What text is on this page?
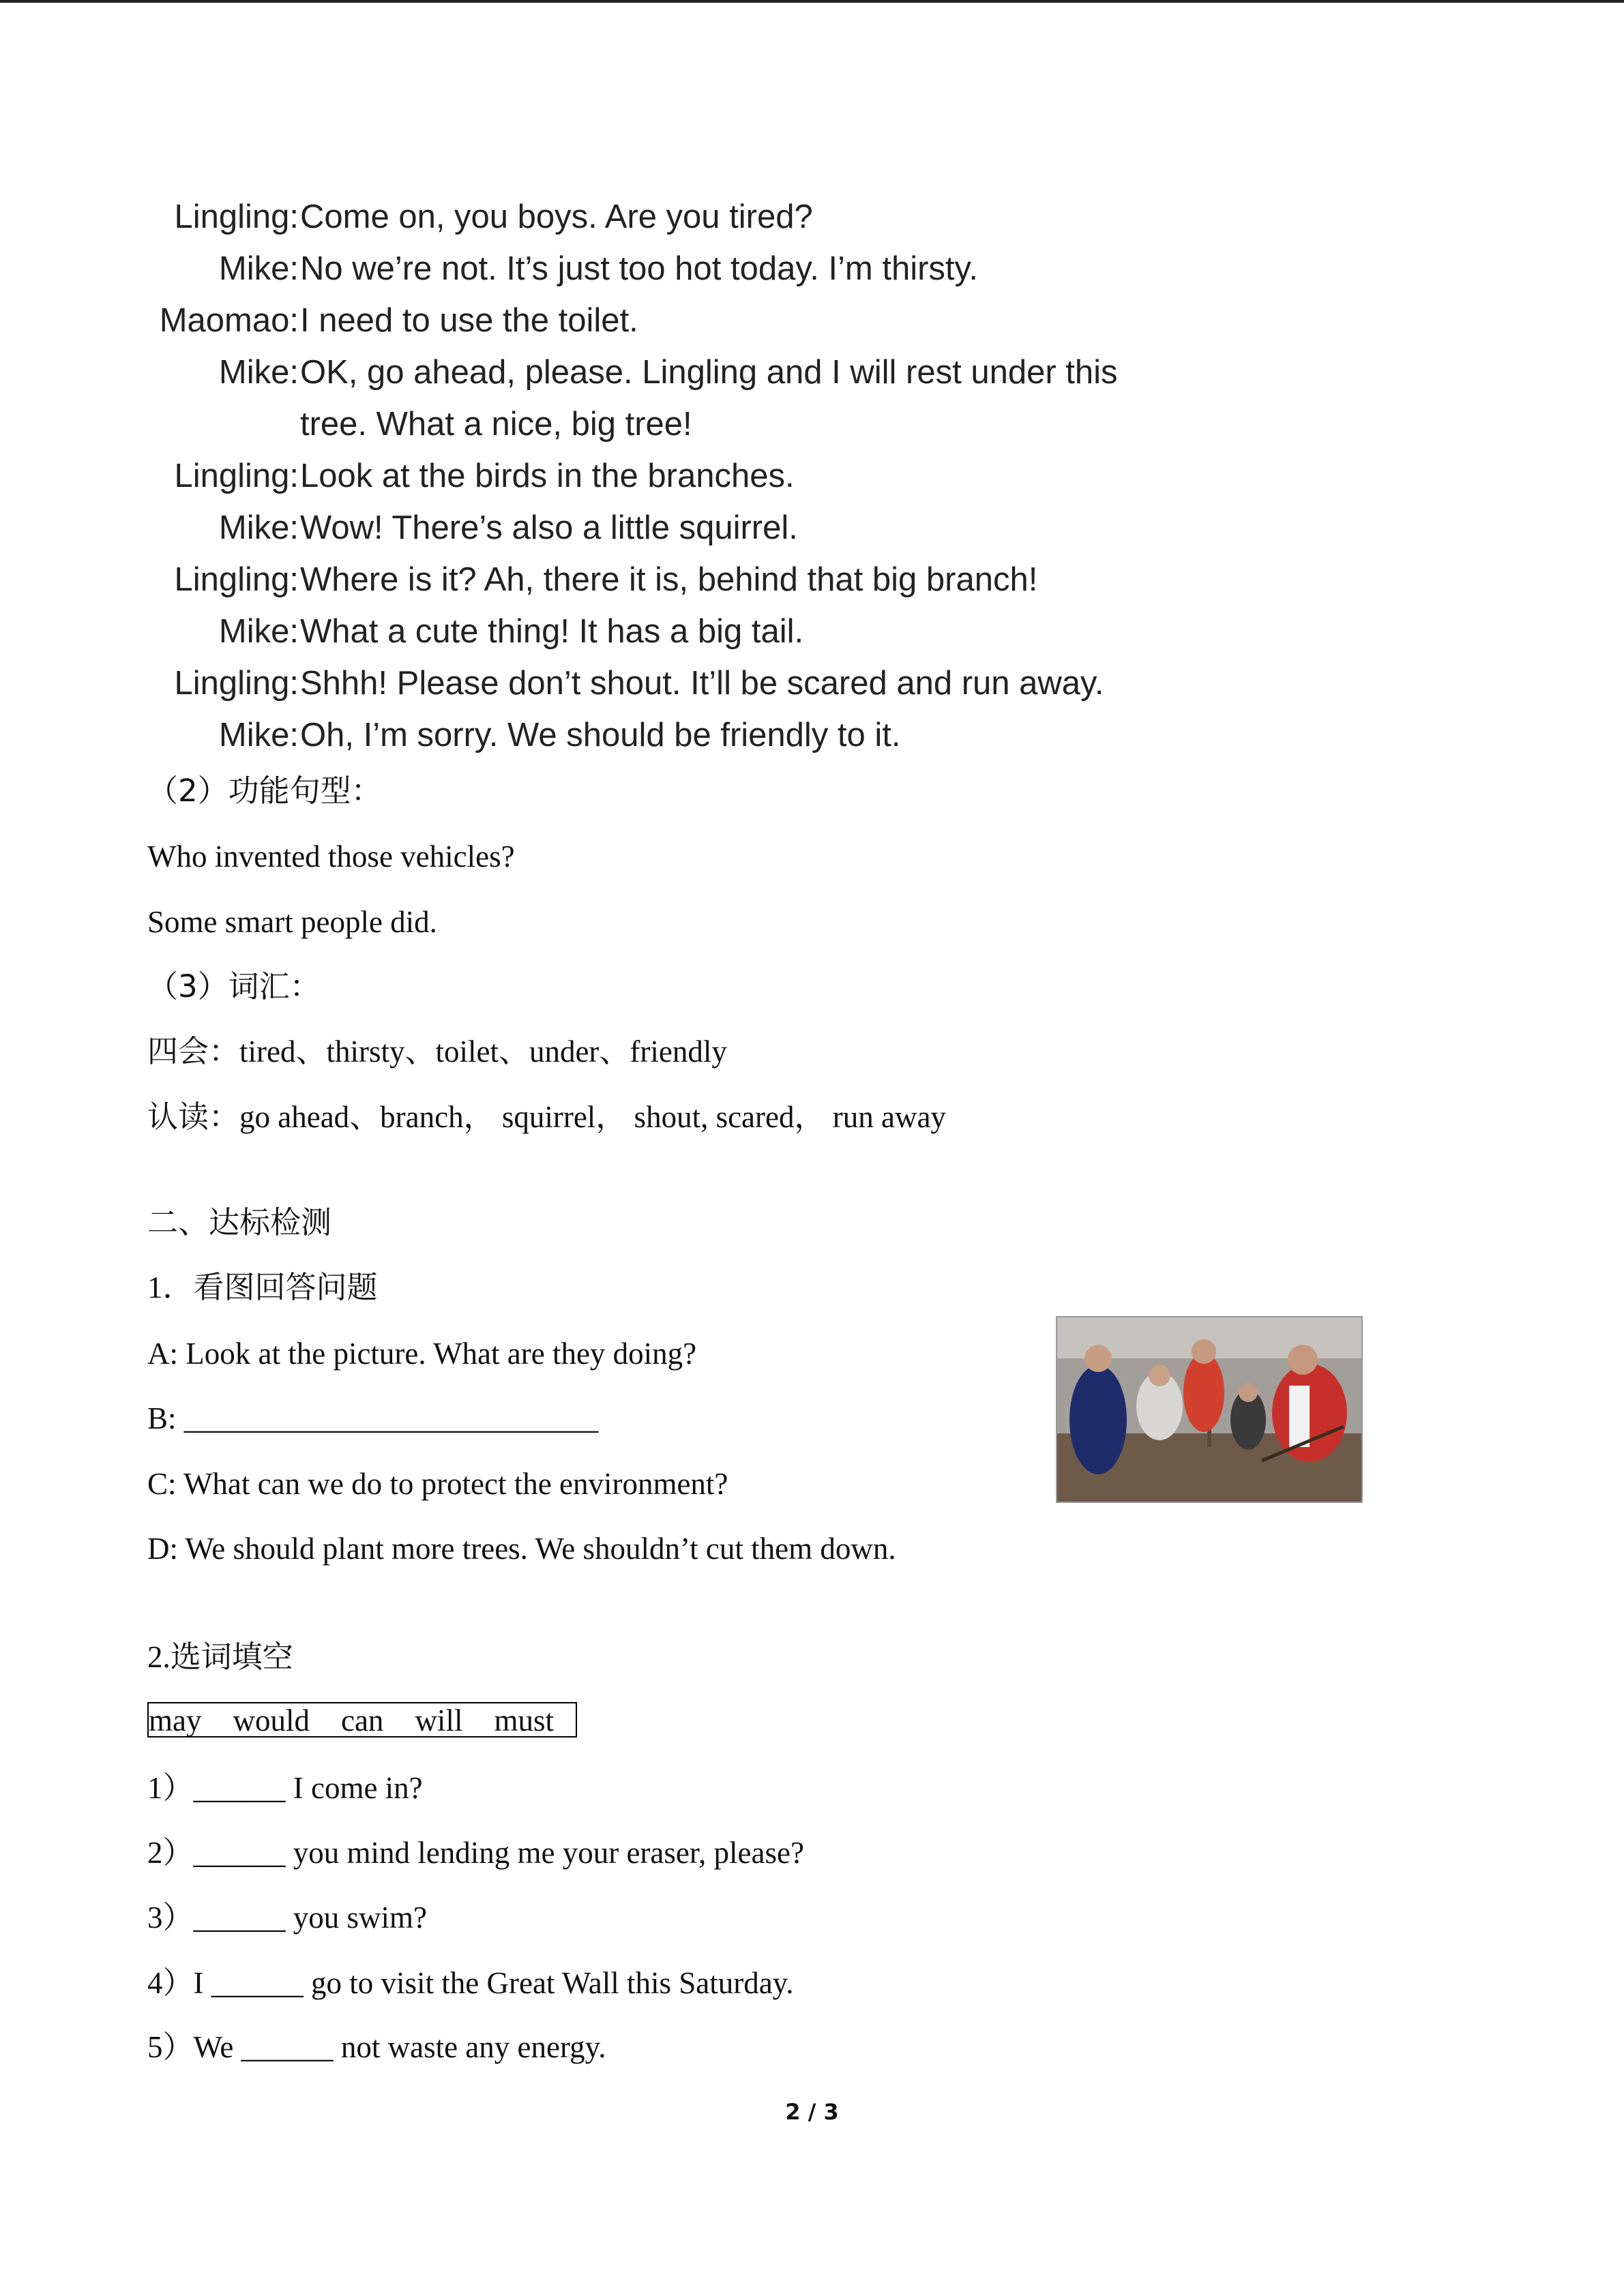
Lingling: Come on, you boys. Are you tired?
Mike: No we’re not. It’s just too hot today. I’m thirsty.
Maomao: I need to use the toilet.
Mike: OK, go ahead, please. Lingling and I will rest under this
tree. What a nice, big tree!
Lingling: Look at the birds in the branches.
Mike: Wow! There’s also a little squirrel.
Lingling: Where is it? Ah, there it is, behind that big branch!
Mike: What a cute thing! It has a big tail.
Lingling: Shhh! Please don’t shout. It’ll be scared and run away.
Mike: Oh, I’m sorry. We should be friendly to it.
（2）功能句型：
Who invented those vehicles?
Some smart people did.
（3）词汇：
四会：tired、thirsty、toilet、under、friendly
认读：go ahead、branch， squirrel， shout, scared， run away
二、达标检测
1．看图回答问题
A: Look at the picture. What are they doing?
B: ___________________________
C: What can we do to protect the environment?
D: We should plant more trees. We shouldn’t cut them down.
2.选词填空
may would can will must
1）______ I come in?
2）______ you mind lending me your eraser, please?
3）______ you swim?
4）I ______ go to visit the Great Wall this Saturday.
5）We ______ not waste any energy.
2 / 3
